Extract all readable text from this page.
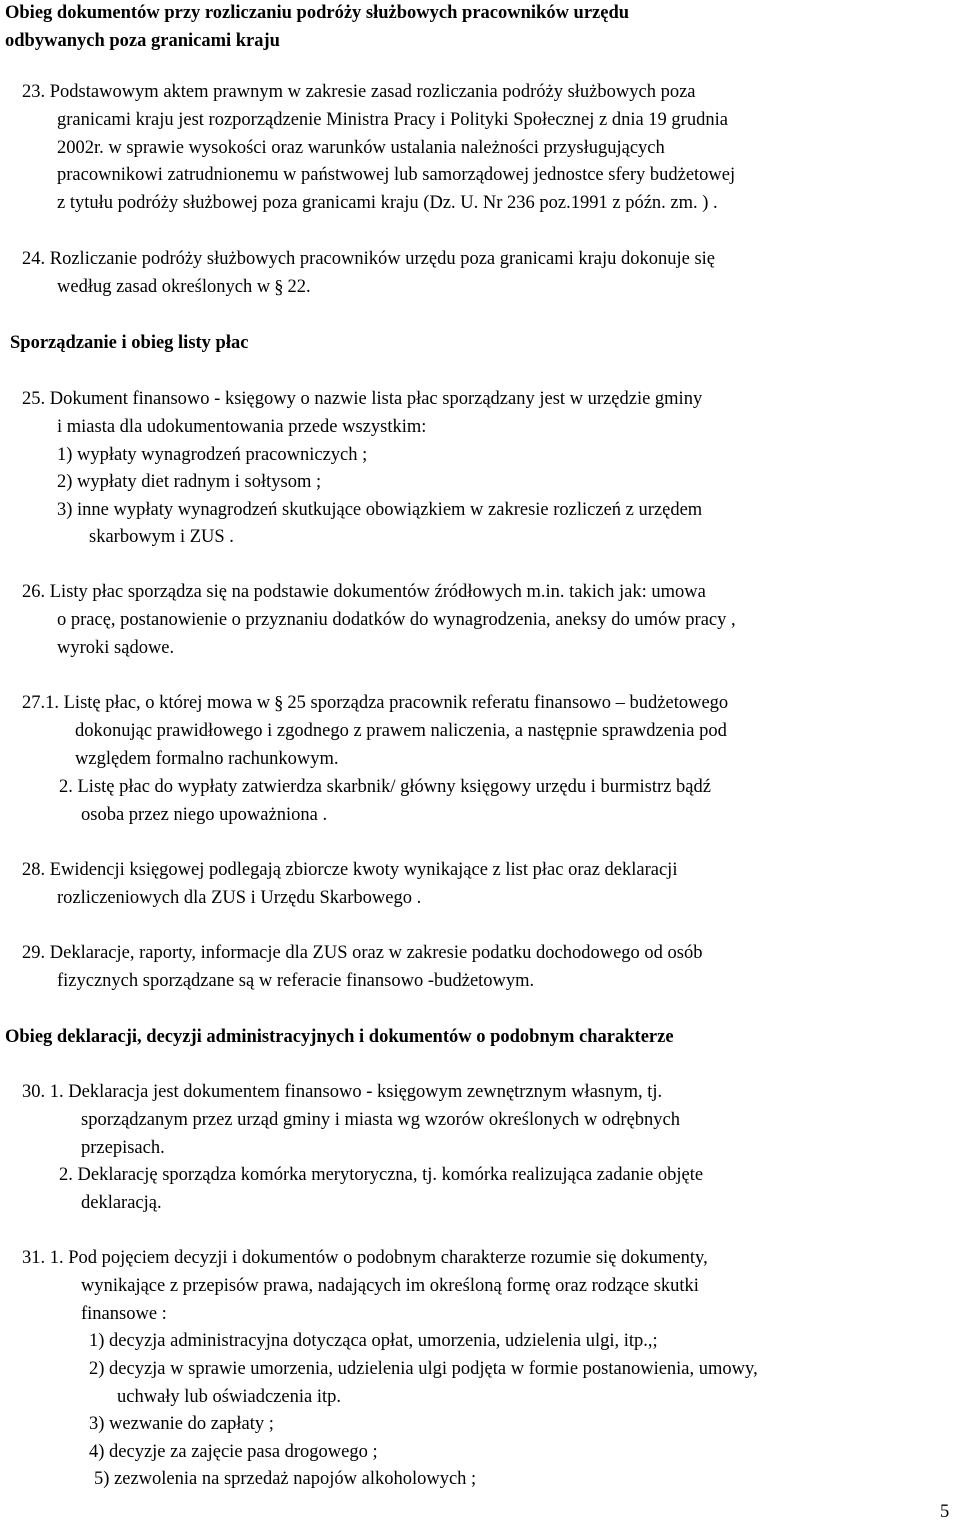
Obieg dokumentów przy rozliczaniu podróży służbowych pracowników urzędu
odbywanych poza granicami kraju
23. Podstawowym aktem prawnym w zakresie zasad rozliczania podróży służbowych poza
granicami kraju jest rozporządzenie Ministra Pracy i Polityki Społecznej z dnia 19 grudnia
2002r. w sprawie wysokości oraz warunków ustalania należności przysługujących
pracownikowi zatrudnionemu w państwowej lub samorządowej jednostce sfery budżetowej
z tytułu podróży służbowej poza granicami kraju (Dz. U. Nr 236 poz.1991 z późn. zm. ) .
24. Rozliczanie podróży służbowych pracowników urzędu poza granicami kraju dokonuje się
według zasad określonych w § 22.
Sporządzanie i obieg listy płac
25. Dokument finansowo - księgowy o nazwie lista płac sporządzany jest w urzędzie gminy
i miasta dla udokumentowania przede wszystkim:
1) wypłaty wynagrodzeń pracowniczych ;
2) wypłaty diet radnym i sołtysom ;
3) inne wypłaty wynagrodzeń skutkujące obowiązkiem w zakresie rozliczeń z urzędem
skarbowym i ZUS .
26. Listy płac sporządza się na podstawie dokumentów źródłowych m.in. takich jak: umowa
o pracę, postanowienie o przyznaniu dodatków do wynagrodzenia, aneksy do umów pracy ,
wyroki sądowe.
27.1. Listę płac, o której mowa w § 25 sporządza pracownik referatu finansowo – budżetowego
dokonując prawidłowego i zgodnego z prawem naliczenia, a następnie sprawdzenia pod
względem formalno rachunkowym.
2. Listę płac do wypłaty zatwierdza skarbnik/ główny księgowy urzędu i burmistrz bądź
osoba przez niego upoważniona .
28. Ewidencji księgowej podlegają zbiorcze kwoty wynikające z list płac oraz deklaracji
rozliczeniowych dla ZUS i Urzędu Skarbowego .
29. Deklaracje, raporty, informacje dla ZUS oraz w zakresie podatku dochodowego od osób
fizycznych sporządzane są w referacie finansowo -budżetowym.
Obieg deklaracji, decyzji administracyjnych i dokumentów o podobnym charakterze
30. 1. Deklaracja jest dokumentem finansowo - księgowym zewnętrznym własnym, tj.
sporządzanym przez urząd gminy i miasta wg wzorów określonych w odrębnych
przepisach.
2. Deklarację sporządza komórka merytoryczna, tj. komórka realizująca zadanie objęte
deklaracją.
31. 1. Pod pojęciem decyzji i dokumentów o podobnym charakterze rozumie się dokumenty,
wynikające z przepisów prawa, nadających im określoną formę oraz rodzące skutki
finansowe :
1) decyzja administracyjna dotycząca opłat, umorzenia, udzielenia ulgi, itp.,;
2) decyzja w sprawie umorzenia, udzielenia ulgi podjęta w formie postanowienia, umowy,
uchwały lub oświadczenia itp.
3) wezwanie do zapłaty ;
4) decyzje za zajęcie pasa drogowego ;
5) zezwolenia na sprzedaż napojów alkoholowych ;
5
